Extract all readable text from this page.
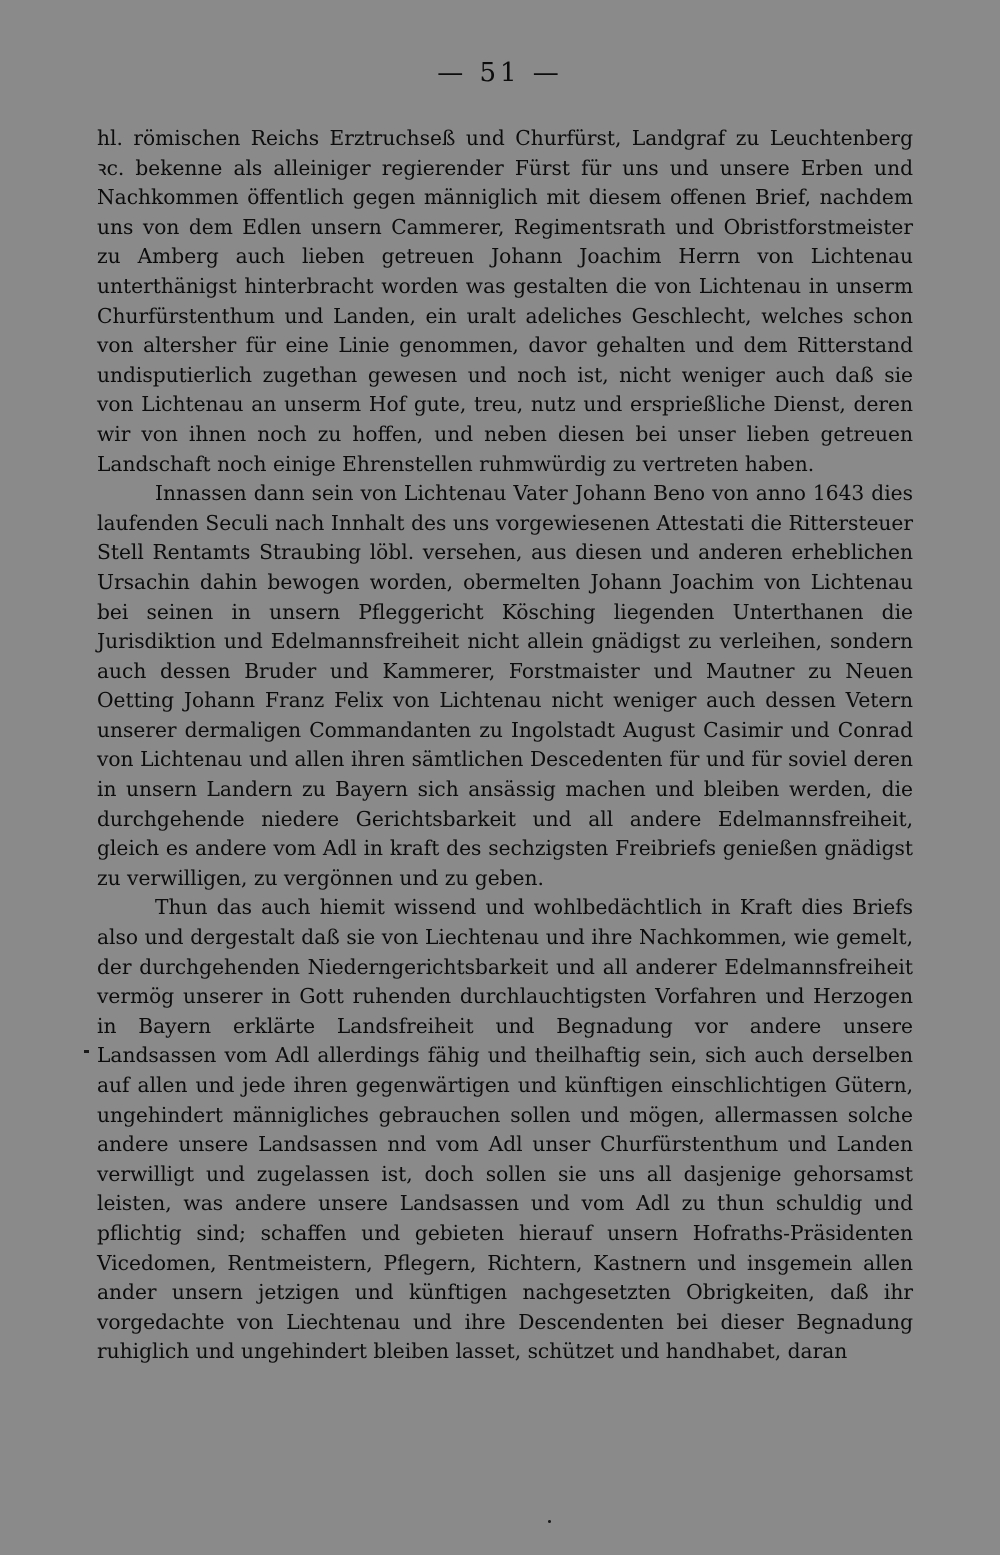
— 51 —

hl. römischen Reichs Erztruchseß und Churfürst, Landgraf zu Leuchtenberg ꝛc. bekenne als alleiniger regierender Fürst für uns und unsere Erben und Nachkommen öffentlich gegen männiglich mit diesem offenen Brief, nachdem uns von dem Edlen unsern Cammerer, Regimentsrath und Obristforstmeister zu Amberg auch lieben getreuen Johann Joachim Herrn von Lichtenau unterthänigst hinterbracht worden was gestalten die von Lichtenau in unserm Churfürstenthum und Landen, ein uralt adeliches Geschlecht, welches schon von altersher für eine Linie genommen, davor gehalten und dem Ritterstand undisputierlich zugethan gewesen und noch ist, nicht weniger auch daß sie von Lichtenau an unserm Hof gute, treu, nutz und ersprießliche Dienst, deren wir von ihnen noch zu hoffen, und neben diesen bei unser lieben getreuen Landschaft noch einige Ehrenstellen ruhmwürdig zu vertreten haben.

Innassen dann sein von Lichtenau Vater Johann Beno von anno 1643 dies laufenden Seculi nach Innhalt des uns vorgewiesenen Attestati die Rittersteuer Stell Rentamts Straubing löbl. versehen, aus diesen und anderen erheblichen Ursachin dahin bewogen worden, obermelten Johann Joachim von Lichtenau bei seinen in unsern Pfleggericht Kösching liegenden Unterthanen die Jurisdiktion und Edelmannsfreiheit nicht allein gnädigst zu verleihen, sondern auch dessen Bruder und Kammerer, Forstmaister und Mautner zu Neuen Oetting Johann Franz Felix von Lichtenau nicht weniger auch dessen Vetern unserer dermaligen Commandanten zu Ingolstadt August Casimir und Conrad von Lichtenau und allen ihren sämtlichen Descedenten für und für soviel deren in unsern Landern zu Bayern sich ansässig machen und bleiben werden, die durchgehende niedere Gerichtsbarkeit und all andere Edelmannsfreiheit, gleich es andere vom Adl in kraft des sechzigsten Freibriefs genießen gnädigst zu verwilligen, zu vergönnen und zu geben.

Thun das auch hiemit wissend und wohlbedächtlich in Kraft dies Briefs also und dergestalt daß sie von Liechtenau und ihre Nachkommen, wie gemelt, der durchgehenden Niederngerichtsbarkeit und all anderer Edelmannsfreiheit vermög unserer in Gott ruhenden durchlauchtigsten Vorfahren und Herzogen in Bayern erklärte Landsfreiheit und Begnadung vor andere unsere Landsassen vom Adl allerdings fähig und theilhaftig sein, sich auch derselben auf allen und jede ihren gegenwärtigen und künftigen einschlichtigen Gütern, ungehindert männigliches gebrauchen sollen und mögen, allermassen solche andere unsere Landsassen nnd vom Adl unser Churfürstenthum und Landen verwilligt und zugelassen ist, doch sollen sie uns all dasjenige gehorsamst leisten, was andere unsere Landsassen und vom Adl zu thun schuldig und pflichtig sind; schaffen und gebieten hierauf unsern Hofraths-Präsidenten Vicedomen, Rentmeistern, Pflegern, Richtern, Kastnern und insgemein allen ander unsern jetzigen und künftigen nachgesetzten Obrigkeiten, daß ihr vorgedachte von Liechtenau und ihre Descendenten bei dieser Begnadung ruhiglich und ungehindert bleiben lasset, schützet und handhabet, daran
